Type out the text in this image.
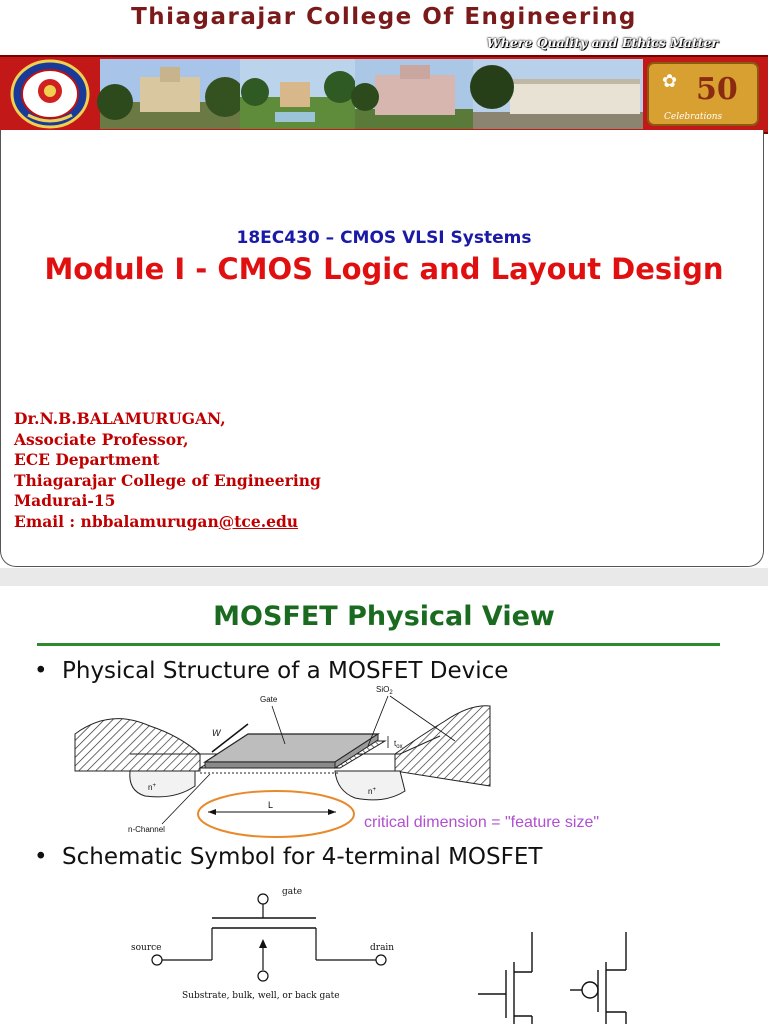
Thiagarajar College Of Engineering
Where Quality and Ethics Matter
✿ 50
Celebrations
18EC430 – CMOS VLSI Systems
Module I - CMOS Logic and Layout Design
Dr.N.B.BALAMURUGAN,
Associate Professor,
ECE Department
Thiagarajar College of Engineering
Madurai-15
Email : nbbalamurugan@tce.edu
MOSFET Physical View
• Physical Structure of a MOSFET Device
W
Gate
SiO$_2$
$t_{ox}$
n+
n+
L
n-Channel
gate
source	drain
Substrate, bulk, well, or back gate
critical dimension = "feature size"
• Schematic Symbol for 4-terminal MOSFET
